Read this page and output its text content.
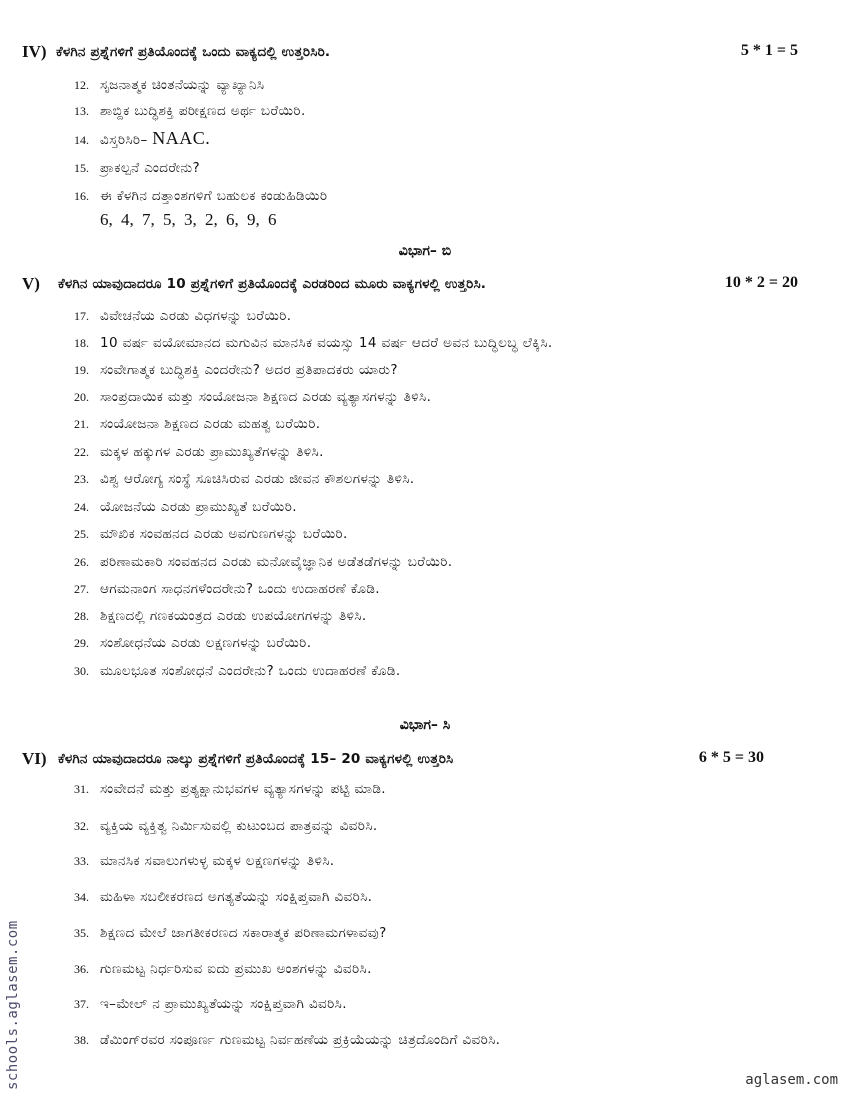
IV) ಕೆಳಗಿನ ಪ್ರಶ್ನೆಗಳಿಗೆ ಪ್ರತಿಯೊಂದಕ್ಕೆ ಒಂದು ವಾಕ್ಯದಲ್ಲಿ ಉತ್ತರಿಸಿರಿ.	5 * 1 = 5
12. ಸೃಜನಾತ್ಮಕ ಚಿಂತನೆಯನ್ನು ವ್ಯಾಖ್ಯಾನಿಸಿ
13. ಶಾಬ್ದಿಕ ಬುದ್ಧಿಶಕ್ತಿ ಪರೀಕ್ಷಣದ ಅರ್ಥ ಬರೆಯಿರಿ.
14. ವಿಸ್ತರಿಸಿರಿ– NAAC.
15. ಪ್ರಾಕಲ್ಪನೆ ಎಂದರೇನು?
16. ಈ ಕೆಳಗಿನ ದತ್ತಾಂಶಗಳಿಗೆ ಬಹುಲಕ ಕಂಡುಹಿಡಿಯಿರಿ
6, 4, 7, 5, 3, 2, 6, 9, 6
ವಿಭಾಗ– ಬಿ
V) ಕೆಳಗಿನ ಯಾವುದಾದರೂ 10 ಪ್ರಶ್ನೆಗಳಿಗೆ ಪ್ರತಿಯೊಂದಕ್ಕೆ ಎರಡರಿಂದ ಮೂರು ವಾಕ್ಯಗಳಲ್ಲಿ ಉತ್ತರಿಸಿ.	10 * 2 = 20
17. ವಿವೇಚನೆಯ ಎರಡು ವಿಧಗಳನ್ನು ಬರೆಯಿರಿ.
18. 10 ವರ್ಷ ವಯೋಮಾನದ ಮಗುವಿನ ಮಾನಸಿಕ ವಯಸ್ಸು 14 ವರ್ಷ ಆದರೆ ಅವನ ಬುದ್ಧಿಲಬ್ಧ ಲೆಕ್ಕಿಸಿ.
19. ಸಂವೇಗಾತ್ಮಕ ಬುದ್ಧಿಶಕ್ತಿ ಎಂದರೇನು? ಅದರ ಪ್ರತಿಪಾದಕರು ಯಾರು?
20. ಸಾಂಪ್ರದಾಯಿಕ ಮತ್ತು ಸಂಯೋಜನಾ ಶಿಕ್ಷಣದ ಎರಡು ವ್ಯತ್ಯಾಸಗಳನ್ನು ತಿಳಿಸಿ.
21. ಸಂಯೋಜನಾ ಶಿಕ್ಷಣದ ಎರಡು ಮಹತ್ವ ಬರೆಯಿರಿ.
22. ಮಕ್ಕಳ ಹಕ್ಕುಗಳ ಎರಡು ಪ್ರಾಮುಖ್ಯತೆಗಳನ್ನು ತಿಳಿಸಿ.
23. ವಿಶ್ವ ಆರೋಗ್ಯ ಸಂಸ್ಥೆ ಸೂಚಿಸಿರುವ ಎರಡು ಜೀವನ ಕೌಶಲಗಳನ್ನು ತಿಳಿಸಿ.
24. ಯೋಜನೆಯ ಎರಡು ಪ್ರಾಮುಖ್ಯತೆ ಬರೆಯಿರಿ.
25. ಮೌಖಿಕ ಸಂವಹನದ ಎರಡು ಅವಗುಣಗಳನ್ನು ಬರೆಯಿರಿ.
26. ಪರಿಣಾಮಕಾರಿ ಸಂವಹನದ ಎರಡು ಮನೋವೈಜ್ಞಾನಿಕ ಅಡೆತಡೆಗಳನ್ನು ಬರೆಯಿರಿ.
27. ಆಗಮನಾಂಗ ಸಾಧನಗಳೆಂದರೇನು? ಒಂದು ಉದಾಹರಣೆ ಕೊಡಿ.
28. ಶಿಕ್ಷಣದಲ್ಲಿ ಗಣಕಯಂತ್ರದ ಎರಡು ಉಪಯೋಗಗಳನ್ನು ತಿಳಿಸಿ.
29. ಸಂಶೋಧನೆಯ ಎರಡು ಲಕ್ಷಣಗಳನ್ನು ಬರೆಯಿರಿ.
30. ಮೂಲಭೂತ ಸಂಶೋಧನೆ ಎಂದರೇನು? ಒಂದು ಉದಾಹರಣೆ ಕೊಡಿ.
ವಿಭಾಗ– ಸಿ
VI) ಕೆಳಗಿನ ಯಾವುದಾದರೂ ನಾಲ್ಕು ಪ್ರಶ್ನೆಗಳಿಗೆ ಪ್ರತಿಯೊಂದಕ್ಕೆ 15– 20 ವಾಕ್ಯಗಳಲ್ಲಿ ಉತ್ತರಿಸಿ	6 * 5 = 30
31. ಸಂವೇದನೆ ಮತ್ತು ಪ್ರತ್ಯಕ್ಷಾನುಭವಗಳ ವ್ಯತ್ಯಾಸಗಳನ್ನು ಪಟ್ಟಿ ಮಾಡಿ.
32. ವ್ಯಕ್ತಿಯ ವ್ಯಕ್ತಿತ್ವ ನಿರ್ಮಿಸುವಲ್ಲಿ ಕುಟುಂಬದ ಪಾತ್ರವನ್ನು ವಿವರಿಸಿ.
33. ಮಾನಸಿಕ ಸವಾಲುಗಳುಳ್ಳ ಮಕ್ಕಳ ಲಕ್ಷಣಗಳನ್ನು ತಿಳಿಸಿ.
34. ಮಹಿಳಾ ಸಬಲೀಕರಣದ ಅಗತ್ಯತೆಯನ್ನು ಸಂಕ್ಷಿಪ್ತವಾಗಿ ವಿವರಿಸಿ.
35. ಶಿಕ್ಷಣದ ಮೇಲೆ ಜಾಗತೀಕರಣದ ಸಕಾರಾತ್ಮಕ ಪರಿಣಾಮಗಳಾವವು?
36. ಗುಣಮಟ್ಟ ನಿರ್ಧರಿಸುವ ಐದು ಪ್ರಮುಖ ಅಂಶಗಳನ್ನು ವಿವರಿಸಿ.
37. ಇ–ಮೇಲ್ ನ ಪ್ರಾಮುಖ್ಯತೆಯನ್ನು ಸಂಕ್ಷಿಪ್ತವಾಗಿ ವಿವರಿಸಿ.
38. ಡೆಮಿಂಗ್‌ರವರ ಸಂಪೂರ್ಣ ಗುಣಮಟ್ಟ ನಿರ್ವಹಣೆಯ ಪ್ರಕ್ರಿಯೆಯನ್ನು ಚಿತ್ರದೊಂದಿಗೆ ವಿವರಿಸಿ.
schools.aglasem.com	aglasem.com
